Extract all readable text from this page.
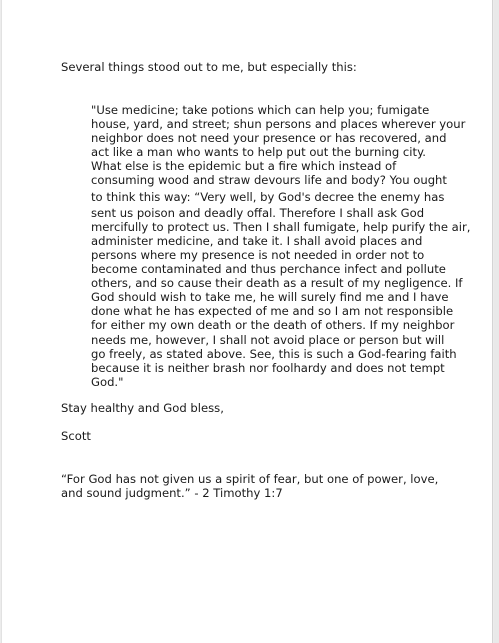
Several things stood out to me, but especially this:
"Use medicine; take potions which can help you; fumigate
house, yard, and street; shun persons and places wherever your
neighbor does not need your presence or has recovered, and
act like a man who wants to help put out the burning city.
What else is the epidemic but a fire which instead of
consuming wood and straw devours life and body? You ought
to think this way: “Very well, by God's decree the enemy has
sent us poison and deadly offal. Therefore I shall ask God
mercifully to protect us. Then I shall fumigate, help purify the air,
administer medicine, and take it. I shall avoid places and
persons where my presence is not needed in order not to
become contaminated and thus perchance infect and pollute
others, and so cause their death as a result of my negligence. If
God should wish to take me, he will surely find me and I have
done what he has expected of me and so I am not responsible
for either my own death or the death of others. If my neighbor
needs me, however, I shall not avoid place or person but will
go freely, as stated above. See, this is such a God-fearing faith
because it is neither brash nor foolhardy and does not tempt
God."
Stay healthy and God bless,
Scott
“For God has not given us a spirit of fear, but one of power, love,
and sound judgment.” - 2 Timothy 1:7
